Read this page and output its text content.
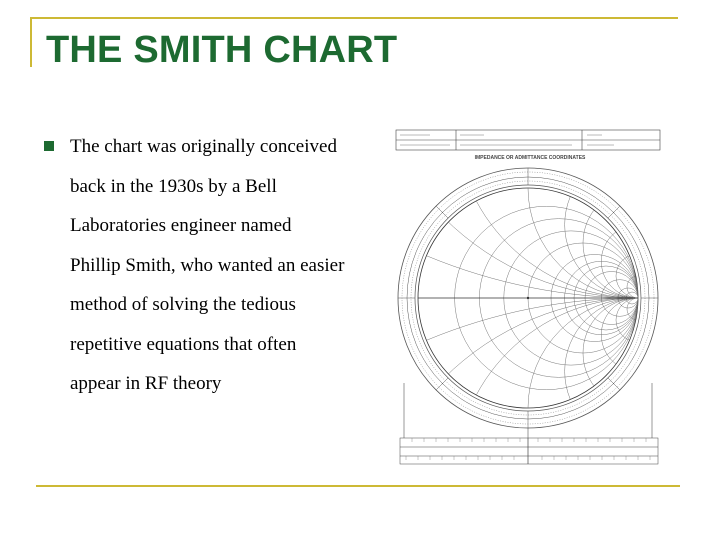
THE SMITH CHART
The chart was originally conceived
back in the 1930s by a Bell
Laboratories engineer named
Phillip Smith, who wanted an easier
method of solving the tedious
repetitive equations that often
appear in RF theory
IMPEDANCE OR ADMITTANCE COORDINATES
